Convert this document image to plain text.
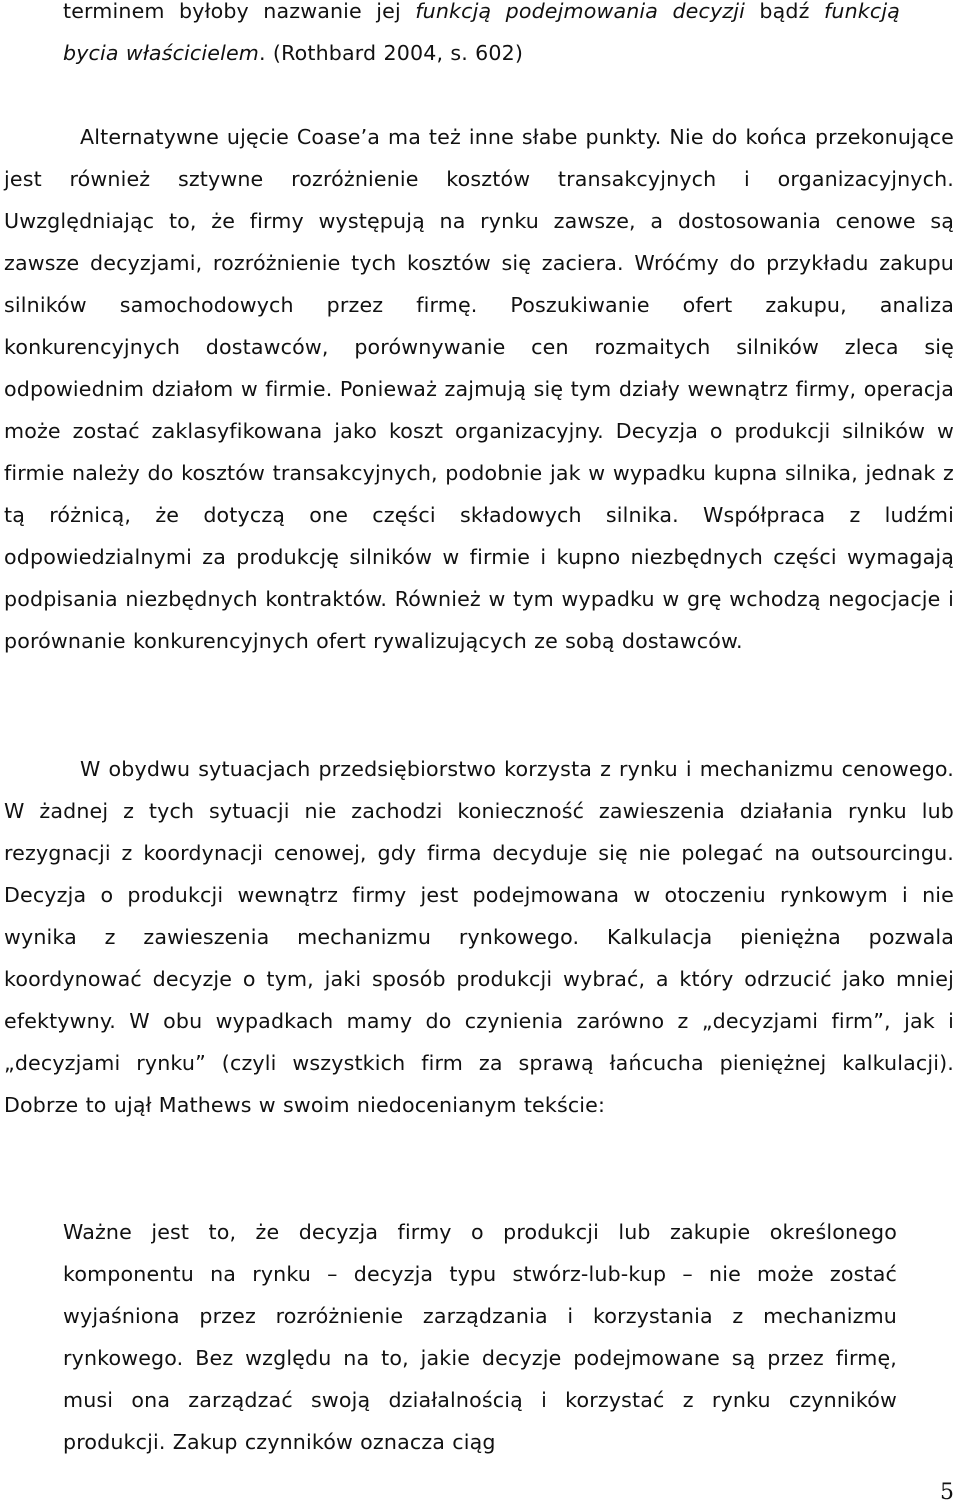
terminem byłoby nazwanie jej funkcją podejmowania decyzji bądź funkcją bycia właścicielem. (Rothbard 2004, s. 602)

Alternatywne ujęcie Coase’a ma też inne słabe punkty. Nie do końca przekonujące jest również sztywne rozróżnienie kosztów transakcyjnych i organizacyjnych. Uwzględniając to, że firmy występują na rynku zawsze, a dostosowania cenowe są zawsze decyzjami, rozróżnienie tych kosztów się zaciera. Wróćmy do przykładu zakupu silników samochodowych przez firmę. Poszukiwanie ofert zakupu, analiza konkurencyjnych dostawców, porównywanie cen rozmaitych silników zleca się odpowiednim działom w firmie. Ponieważ zajmują się tym działy wewnątrz firmy, operacja może zostać zaklasyfikowana jako koszt organizacyjny. Decyzja o produkcji silników w firmie należy do kosztów transakcyjnych, podobnie jak w wypadku kupna silnika, jednak z tą różnicą, że dotyczą one części składowych silnika. Współpraca z ludźmi odpowiedzialnymi za produkcję silników w firmie i kupno niezbędnych części wymagają podpisania niezbędnych kontraktów. Również w tym wypadku w grę wchodzą negocjacje i porównanie konkurencyjnych ofert rywalizujących ze sobą dostawców.

W obydwu sytuacjach przedsiębiorstwo korzysta z rynku i mechanizmu cenowego. W żadnej z tych sytuacji nie zachodzi konieczność zawieszenia działania rynku lub rezygnacji z koordynacji cenowej, gdy firma decyduje się nie polegać na outsourcingu. Decyzja o produkcji wewnątrz firmy jest podejmowana w otoczeniu rynkowym i nie wynika z zawieszenia mechanizmu rynkowego. Kalkulacja pieniężna pozwala koordynować decyzje o tym, jaki sposób produkcji wybrać, a który odrzucić jako mniej efektywny. W obu wypadkach mamy do czynienia zarówno z „decyzjami firm”, jak i „decyzjami rynku” (czyli wszystkich firm za sprawą łańcucha pieniężnej kalkulacji). Dobrze to ujął Mathews w swoim niedocenianym tekście:

Ważne jest to, że decyzja firmy o produkcji lub zakupie określonego komponentu na rynku – decyzja typu stwórz-lub-kup – nie może zostać wyjaśniona przez rozróżnienie zarządzania i korzystania z mechanizmu rynkowego. Bez względu na to, jakie decyzje podejmowane są przez firmę, musi ona zarządzać swoją działalnością i korzystać z rynku czynników produkcji. Zakup czynników oznacza ciąg

5
